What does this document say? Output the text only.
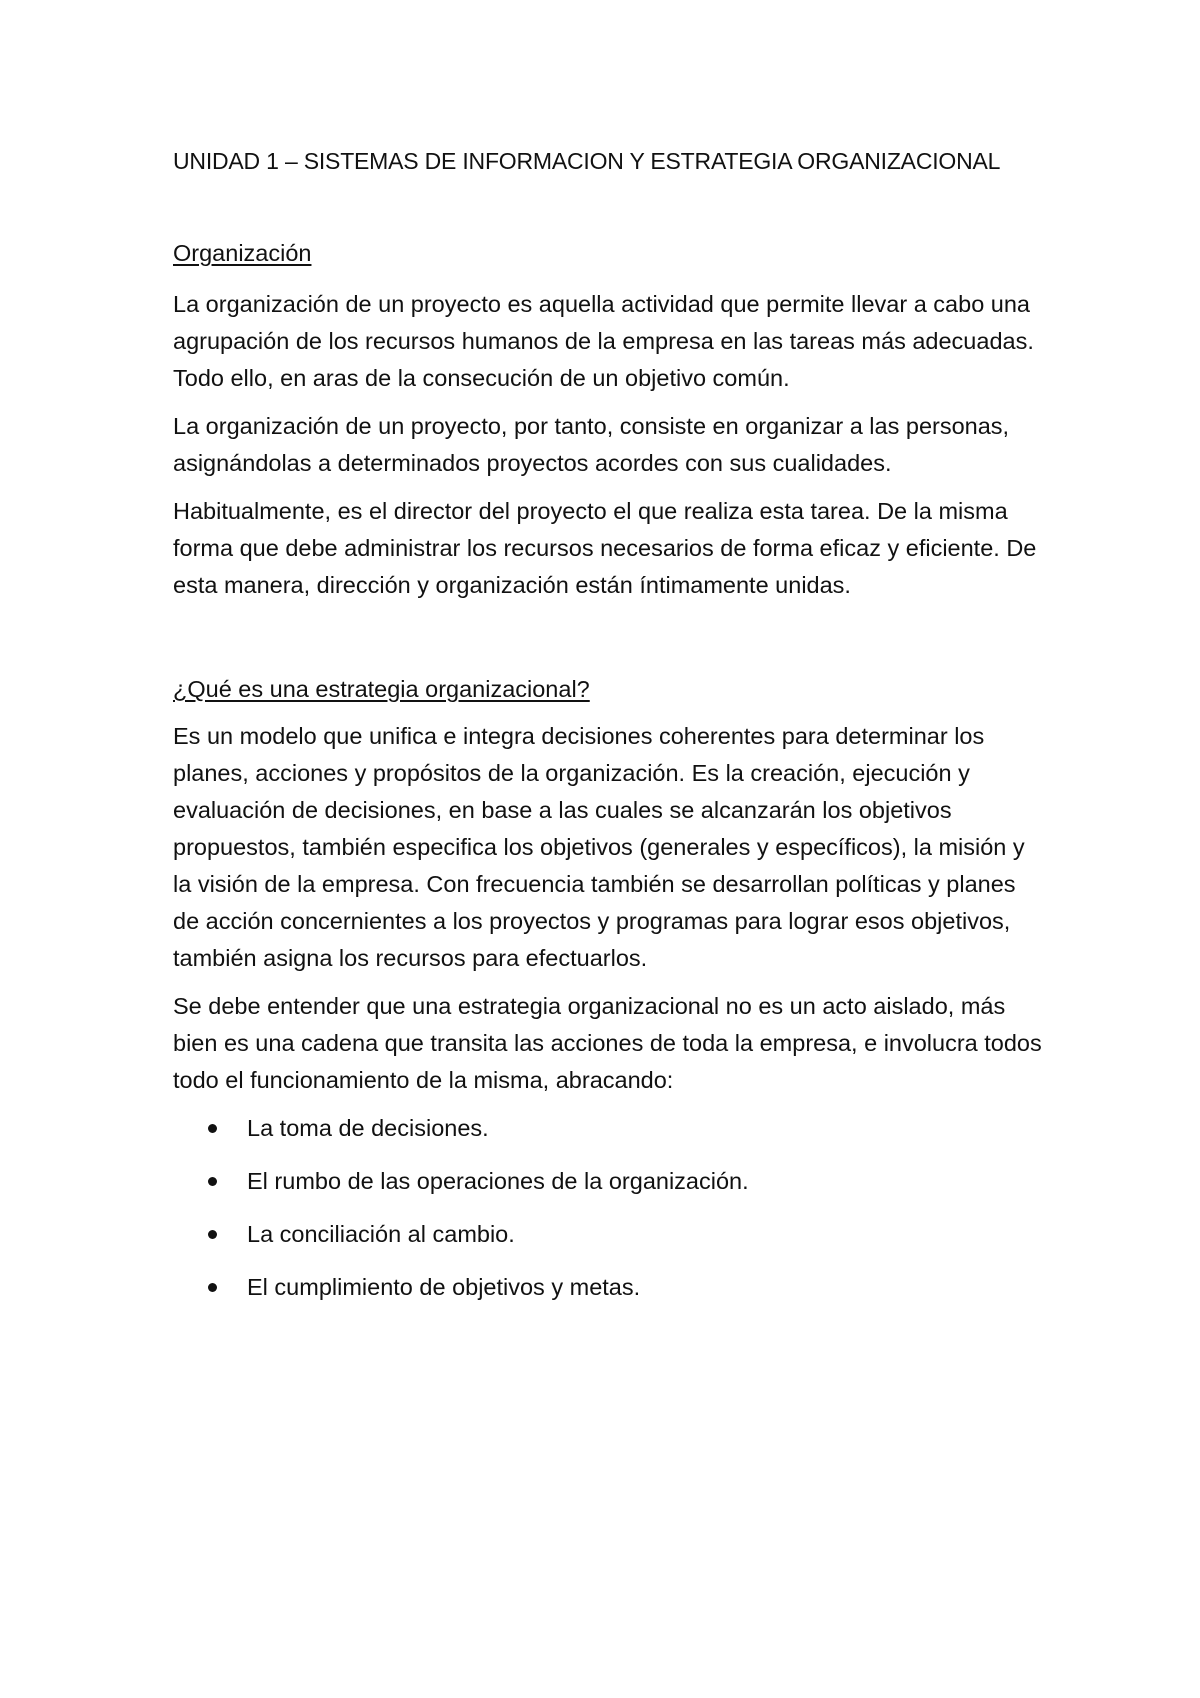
UNIDAD 1 – SISTEMAS DE INFORMACION Y ESTRATEGIA ORGANIZACIONAL
Organización

La organización de un proyecto es aquella actividad que permite llevar a cabo una agrupación de los recursos humanos de la empresa en las tareas más adecuadas. Todo ello, en aras de la consecución de un objetivo común.

La organización de un proyecto, por tanto, consiste en organizar a las personas, asignándolas a determinados proyectos acordes con sus cualidades.

Habitualmente, es el director del proyecto el que realiza esta tarea. De la misma forma que debe administrar los recursos necesarios de forma eficaz y eficiente. De esta manera, dirección y organización están íntimamente unidas.

¿Qué es una estrategia organizacional?

Es un modelo que unifica e integra decisiones coherentes para determinar los planes, acciones y propósitos de la organización. Es la creación, ejecución y evaluación de decisiones, en base a las cuales se alcanzarán los objetivos propuestos, también especifica los objetivos (generales y específicos), la misión y la visión de la empresa. Con frecuencia también se desarrollan políticas y planes de acción concernientes a los proyectos y programas para lograr esos objetivos, también asigna los recursos para efectuarlos.

Se debe entender que una estrategia organizacional no es un acto aislado, más bien es una cadena que transita las acciones de toda la empresa, e involucra todos todo el funcionamiento de la misma, abracando:

La toma de decisiones.
El rumbo de las operaciones de la organización.
La conciliación al cambio.
El cumplimiento de objetivos y metas.
